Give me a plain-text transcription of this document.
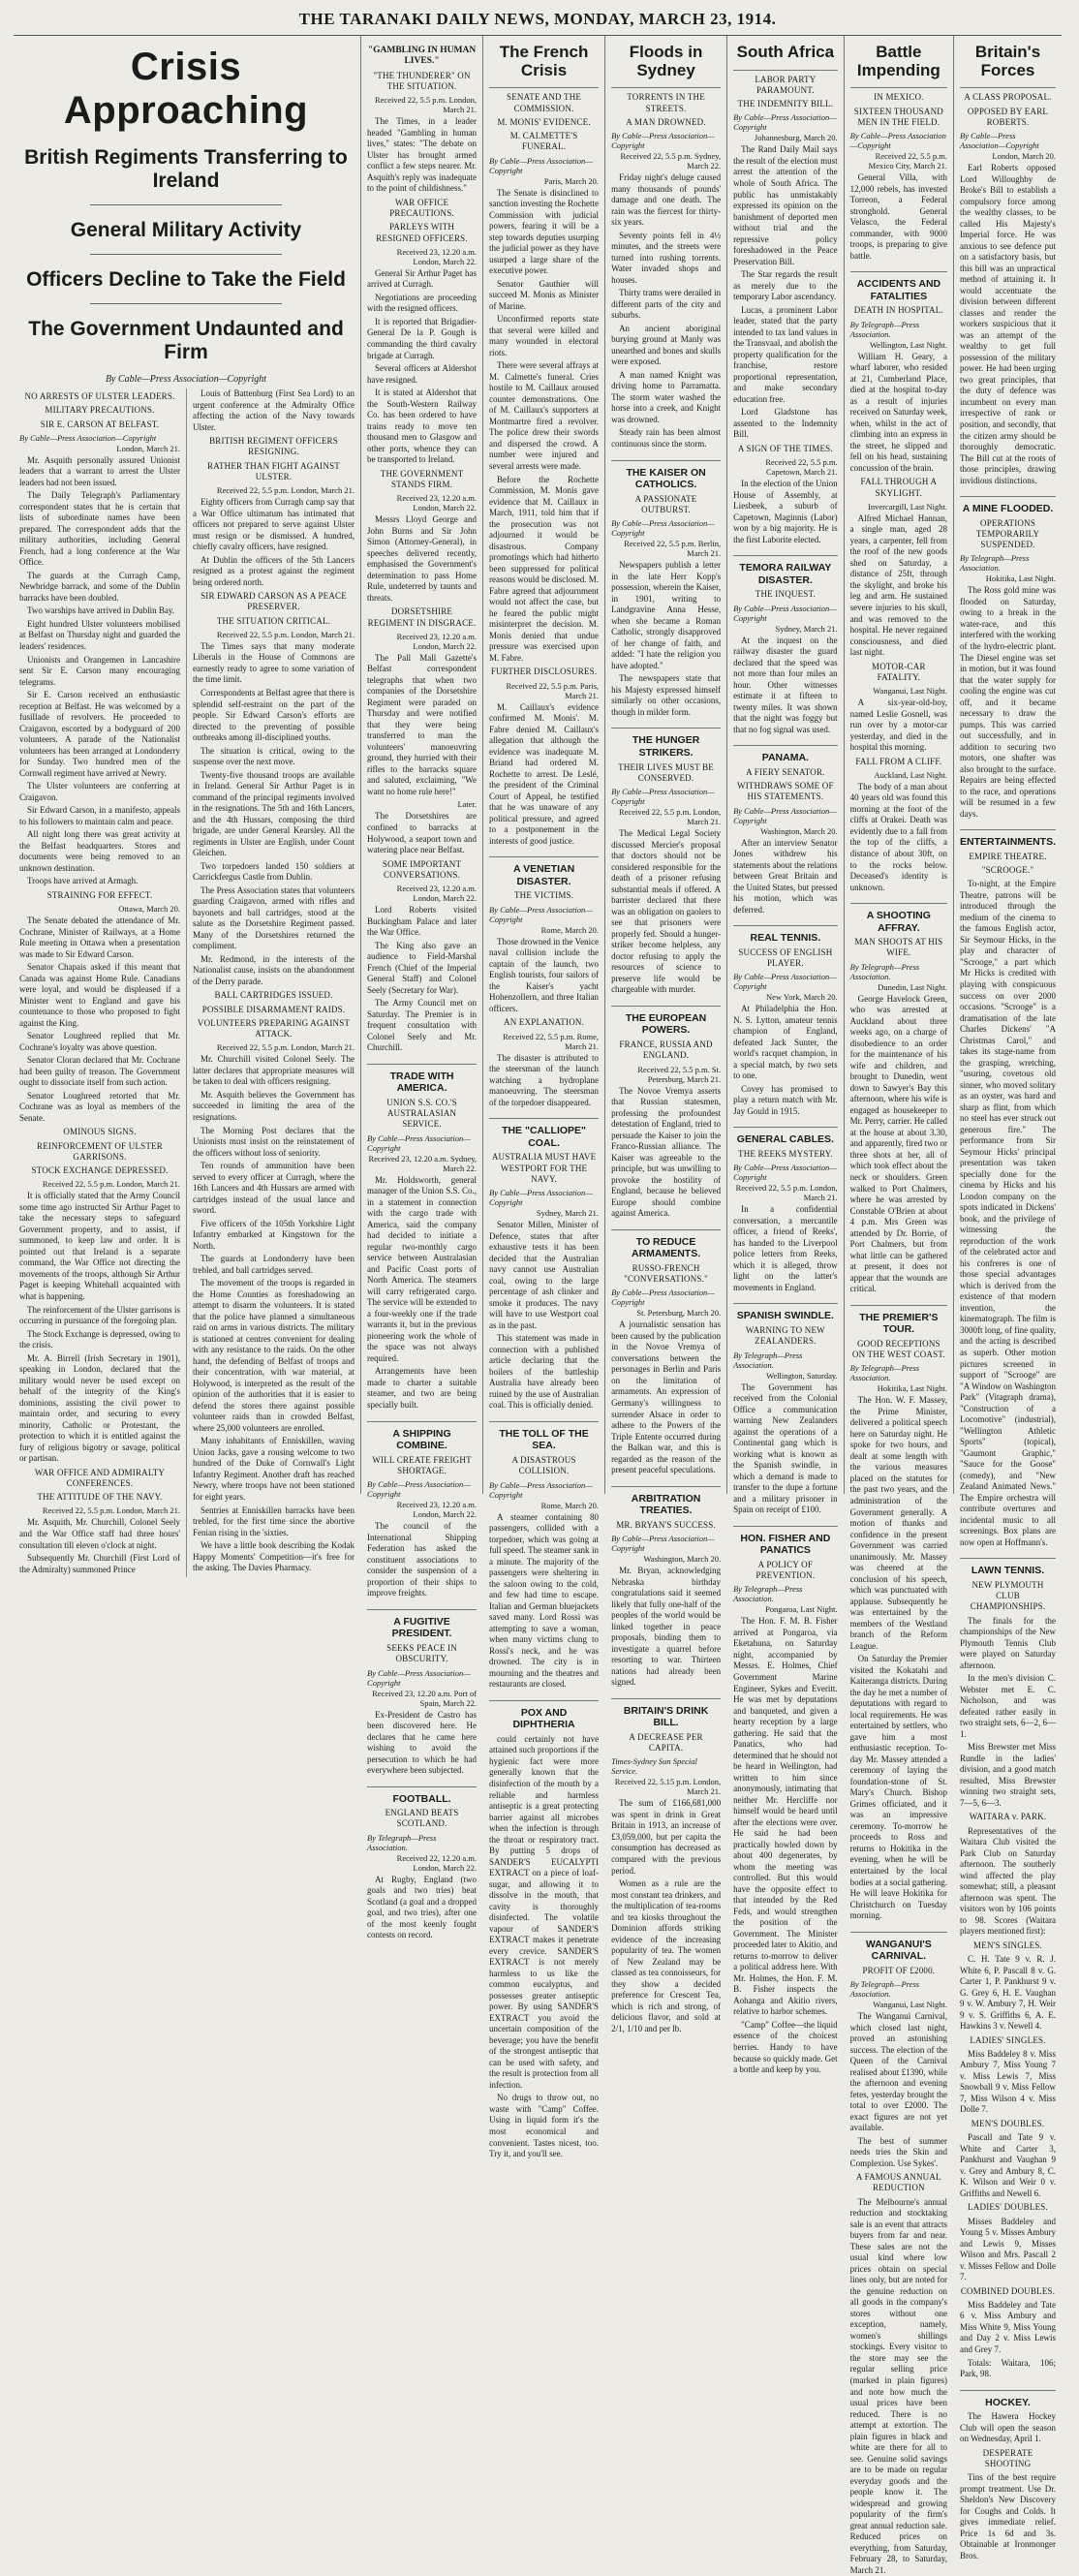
THE TARANAKI DAILY NEWS, MONDAY, MARCH 23, 1914.
Crisis Approaching
British Regiments Transferring to Ireland
General Military Activity
Officers Decline to Take the Field
The Government Undaunted and Firm
By Cable—Press Association—Copyright
NO ARRESTS OF ULSTER LEADERS.
MILITARY PRECAUTIONS.
SIR E. CARSON AT BELFAST.
By Cable—Press Association—Copyright
London, March 21.
Mr. Asquith personally assured Unionist leaders that a warrant to arrest the Ulster leaders had not been issued.
The Daily Telegraph's Parliamentary correspondent states that he is certain that lists of subordinate names have been prepared. The correspondent adds that the military authorities, including General French, had a long conference at the War Office.
The guards at the Curragh Camp, Newbridge barrack, and some of the Dublin barracks have been doubled.
Two warships have arrived in Dublin Bay.
Eight hundred Ulster volunteers mobilised at Belfast on Thursday night and guarded the leaders' residences.
Unionists and Orangemen in Lancashire sent Sir E. Carson many encouraging telegrams.
Sir E. Carson received an enthusiastic reception at Belfast. He was welcomed by a fusillade of revolvers. He proceeded to Craigavon, escorted by a bodyguard of 200 volunteers. A parade of the Nationalist volunteers has been arranged at Londonderry for Sunday. Two hundred men of the Cornwall regiment have arrived at Newry.
The Ulster volunteers are conferring at Craigavon.
Sir Edward Carson, in a manifesto, appeals to his followers to maintain calm and peace.
All night long there was great activity at the Belfast headquarters. Stores and documents were being removed to an unknown destination.
Troops have arrived at Armagh.
STRAINING FOR EFFECT.
Ottawa, March 20.
The Senate debated the attendance of Mr. Cochrane, Minister of Railways, at a Home Rule meeting in Ottawa when a presentation was made to Sir Edward Carson.
Senator Chapais asked if this meant that Canada was against Home Rule. Canadians were loyal, and would be displeased if a Minister went to England and gave his countenance to those who proposed to fight against the King.
Senator Loughreed replied that Mr. Cochrane's loyalty was above question.
Senator Cloran declared that Mr. Cochrane had been guilty of treason. The Government ought to dissociate itself from such action.
Senator Loughreed retorted that Mr. Cochrane was as loyal as members of the Senate.
OMINOUS SIGNS.
REINFORCEMENT OF ULSTER GARRISONS.
STOCK EXCHANGE DEPRESSED.
Received 22, 5.5 p.m. London, March 21.
It is officially stated that the Army Council some time ago instructed Sir Arthur Paget to take the necessary steps to safeguard Government property, and to assist, if summoned, to keep law and order. It is pointed out that Ireland is a separate command, the War Office not directing the movements of the troops, although Sir Arthur Paget is keeping Whitehall acquainted with what is happening.
The reinforcement of the Ulster garrisons is occurring in pursuance of the foregoing plan.
The Stock Exchange is depressed, owing to the crisis.
Mr. A. Birrell (Irish Secretary in 1901), speaking in London, declared that the military would never be used except on behalf of the integrity of the King's dominions, assisting the civil power to maintain order, and securing to every minority, Catholic or Protestant, the protection to which it is entitled against the fury of religious bigotry or savage, political or partisan.
WAR OFFICE AND ADMIRALTY CONFERENCES.
THE ATTITUDE OF THE NAVY.
Received 22, 5.5 p.m. London, March 21.
Mr. Asquith, Mr. Churchill, Colonel Seely and the War Office staff had three hours' consultation till eleven o'clock at night.
Subsequently Mr. Churchill (First Lord of the Admiralty) summoned Prince
Louis of Battenburg (First Sea Lord) to an urgent conference at the Admiralty Office affecting the action of the Navy towards Ulster.
BRITISH REGIMENT OFFICERS RESIGNING.
RATHER THAN FIGHT AGAINST ULSTER.
Received 22, 5.5 p.m. London, March 21.
Eighty officers from Curragh camp say that a War Office ultimatum has intimated that officers not prepared to serve against Ulster must resign or be dismissed. A hundred, chiefly cavalry officers, have resigned.
At Dublin the officers of the 5th Lancers resigned as a protest against the regiment being ordered north.
SIR EDWARD CARSON AS A PEACE PRESERVER.
THE SITUATION CRITICAL.
Received 22, 5.5 p.m. London, March 21.
The Times says that many moderate Liberals in the House of Commons are earnestly ready to agree to some variation of the time limit.
Correspondents at Belfast agree that there is splendid self-restraint on the part of the people. Sir Edward Carson's efforts are directed to the preventing of possible outbreaks among ill-disciplined youths.
The situation is critical, owing to the suspense over the next move.
Twenty-five thousand troops are available in Ireland. General Sir Arthur Paget is in command of the principal regiments involved in the resignations. The 5th and 16th Lancers, and the 4th Hussars, composing the third brigade, are under General Kearsley. All the regiments in Ulster are English, under Count Gleichen.
Two torpedoers landed 150 soldiers at Carrickfergus Castle from Dublin.
The Press Association states that volunteers guarding Craigavon, armed with rifles and bayonets and ball cartridges, stood at the salute as the Dorsetshire Regiment passed. Many of the Dorsetshires returned the compliment.
Mr. Redmond, in the interests of the Nationalist cause, insists on the abandonment of the Derry parade.
BALL CARTRIDGES ISSUED.
POSSIBLE DISARMAMENT RAIDS.
VOLUNTEERS PREPARING AGAINST ATTACK.
Received 22, 5.5 p.m. London, March 21.
Mr. Churchill visited Colonel Seely. The latter declares that appropriate measures will be taken to deal with officers resigning.
Mr. Asquith believes the Government has succeeded in limiting the area of the resignations.
The Morning Post declares that the Unionists must insist on the reinstatement of the officers without loss of seniority.
Ten rounds of ammunition have been served to every officer at Curragh, where the 16th Lancers and 4th Hussars are armed with cartridges instead of the usual lance and sword.
Five officers of the 105th Yorkshire Light Infantry embarked at Kingstown for the North.
The guards at Londonderry have been trebled, and ball cartridges served.
The movement of the troops is regarded in the Home Counties as foreshadowing an attempt to disarm the volunteers. It is stated that the police have planned a simultaneous raid on arms in various districts. The military is stationed at centres convenient for dealing with any resistance to the raids. On the other hand, the defending of Belfast of troops and their concentration, with war material, at Holywood, is interpreted as the result of the opinion of the authorities that it is easier to defend the stores there against possible volunteer raids than in crowded Belfast, where 25,000 volunteers are enrolled.
Many inhabitants of Enniskillen, waving Union Jacks, gave a rousing welcome to two hundred of the Duke of Cornwall's Light Infantry Regiment. Another draft has reached Newry, where troops have not been stationed for eight years.
Sentries at Enniskillen barracks have been trebled, for the first time since the abortive Fenian rising in the 'sixties.
We have a little book describing the Kodak Happy Moments' Competition—it's free for the asking. The Davies Pharmacy.
"GAMBLING IN HUMAN LIVES."
"THE THUNDERER" ON THE SITUATION.
Received 22, 5.5 p.m. London, March 21.
The Times, in a leader headed "Gambling in human lives," states: "The debate on Ulster has brought armed conflict a few steps nearer. Mr. Asquith's reply was inadequate to the point of childishness."
WAR OFFICE PRECAUTIONS.
PARLEYS WITH RESIGNED OFFICERS.
Received 23, 12.20 a.m. London, March 22.
General Sir Arthur Paget has arrived at Curragh.
Negotiations are proceeding with the resigned officers.
It is reported that Brigadier-General De la P. Gough is commanding the third cavalry brigade at Curragh.
Several officers at Aldershot have resigned.
It is stated at Aldershot that the South-Western Railway Co. has been ordered to have trains ready to move ten thousand men to Glasgow and other ports, whence they can be transported to Ireland.
THE GOVERNMENT STANDS FIRM.
Received 23, 12.20 a.m. London, March 22.
Messrs Lloyd George and John Burns and Sir John Simon (Attorney-General), in speeches delivered recently, emphasised the Government's determination to pass Home Rule, undeterred by taunts and threats.
DORSETSHIRE REGIMENT IN DISGRACE.
Received 23, 12.20 a.m. London, March 22.
The Pall Mall Gazette's Belfast correspondent telegraphs that when two companies of the Dorsetshire Regiment were paraded on Thursday and were notified that they were being transferred to man the volunteers' manoeuvring ground, they hurried with their rifles to the barracks square and saluted, exclaiming, "We want no home rule here!"
Later.
The Dorsetshires are confined to barracks at Holywood, a seaport town and watering place near Belfast.
SOME IMPORTANT CONVERSATIONS.
Received 23, 12.20 a.m. London, March 22.
Lord Roberts visited Buckingham Palace and later the War Office.
The King also gave an audience to Field-Marshal French (Chief of the Imperial General Staff) and Colonel Seely (Secretary for War).
The Army Council met on Saturday. The Premier is in frequent consultation with Colonel Seely and Mr. Churchill.
TRADE WITH AMERICA.
UNION S.S. CO.'S AUSTRALASIAN SERVICE.
By Cable—Press Association—Copyright
Received 23, 12.20 a.m. Sydney, March 22.
Mr. Holdsworth, general manager of the Union S.S. Co., in a statement in connection with the cargo trade with America, said the company had decided to initiate a regular two-monthly cargo service between Australasian and Pacific Coast ports of North America. The steamers will carry refrigerated cargo. The service will be extended to a four-weekly one if the trade warrants it, but in the previous pioneering work the whole of the space was not always required.
Arrangements have been made to charter a suitable steamer, and two are being specially built.
A SHIPPING COMBINE.
WILL CREATE FREIGHT SHORTAGE.
By Cable—Press Association—Copyright
Received 23, 12.20 a.m. London, March 22.
The council of the International Shipping Federation has asked the constituent associations to consider the suspension of a proportion of their ships to improve freights.
A FUGITIVE PRESIDENT.
SEEKS PEACE IN OBSCURITY.
By Cable—Press Association—Copyright
Received 23, 12.20 a.m. Port of Spain, March 22.
Ex-President de Castro has been discovered here. He declares that he came here wishing to avoid the persecution to which he had everywhere been subjected.
FOOTBALL.
ENGLAND BEATS SCOTLAND.
By Telegraph—Press Association.
Received 22, 12.20 a.m. London, March 22.
At Rugby, England (two goals and two tries) beat Scotland (a goal and a dropped goal, and two tries), after one of the most keenly fought contests on record.
The French Crisis
SENATE AND THE COMMISSION.
M. MONIS' EVIDENCE.
M. CALMETTE'S FUNERAL.
By Cable—Press Association—Copyright
Paris, March 20.
The Senate is disinclined to sanction investing the Rochette Commission with judicial powers, fearing it will be a step towards deputies usurping the judicial power as they have usurped a large share of the executive power.
Senator Gauthier will succeed M. Monis as Minister of Marine.
Unconfirmed reports state that several were killed and many wounded in electoral riots.
There were several affrays at M. Calmette's funeral. Cries hostile to M. Caillaux aroused counter demonstrations. One of M. Caillaux's supporters at Montmartre fired a revolver. The police drew their swords and dispersed the crowd. A number were injured and several arrests were made.
Before the Rochette Commission, M. Monis gave evidence that M. Caillaux in March, 1911, told him that if the prosecution was not adjourned it would be disastrous. Company promotings which had hitherto been suppressed for political reasons would be disclosed. M. Fabre agreed that adjournment would not affect the case, but he feared the public might misinterpret the decision. M. Monis denied that undue pressure was exercised upon M. Fabre.
FURTHER DISCLOSURES.
Received 22, 5.5 p.m. Paris, March 21.
M. Caillaux's evidence confirmed M. Monis'. M. Fabre denied M. Caillaux's allegation that although the evidence was inadequate M. Briand had ordered M. Rochette to arrest. De Leslé, the president of the Criminal Court of Appeal, he testified that he was unaware of any political pressure, and agreed to a postponement in the interests of good justice.
A VENETIAN DISASTER.
THE VICTIMS.
By Cable—Press Association—Copyright
Rome, March 20.
Those drowned in the Venice naval collision include the captain of the launch, two English tourists, four sailors of the Kaiser's yacht Hohenzollern, and three Italian officers.
AN EXPLANATION.
Received 22, 5.5 p.m. Rome, March 21.
The disaster is attributed to the steersman of the launch watching a hydroplane manoeuvring. The steersman of the torpedoer disappeared.
THE "CALLIOPE" COAL.
AUSTRALIA MUST HAVE WESTPORT FOR THE NAVY.
By Cable—Press Association—Copyright
Sydney, March 21.
Senator Millen, Minister of Defence, states that after exhaustive tests it has been decided that the Australian navy cannot use Australian coal, owing to the large percentage of ash clinker and smoke it produces. The navy will have to use Westport coal as in the past.
This statement was made in connection with a published article declaring that the boilers of the battleship Australia have already been ruined by the use of Australian coal. This is officially denied.
THE TOLL OF THE SEA.
A DISASTROUS COLLISION.
By Cable—Press Association—Copyright
Rome, March 20.
A steamer containing 80 passengers, collided with a torpedoer, which was going at full speed. The steamer sank in a minute. The majority of the passengers were sheltering in the saloon owing to the cold, and few had time to escape. Italian and German bluejackets saved many. Lord Rossi was attempting to save a woman, when many victims clung to Rossi's neck, and he was drowned. The city is in mourning and the theatres and restaurants are closed.
POX AND DIPHTHERIA
could certainly not have attained such proportions if the hygienic fact were more generally known that the disinfection of the mouth by a reliable and harmless antiseptic is a great protecting barrier against all microbes when the infection is through the throat or respiratory tract. By putting 5 drops of SANDER'S EUCALYPTI EXTRACT on a piece of loaf-sugar, and allowing it to dissolve in the mouth, that cavity is thoroughly disinfected. The volatile vapour of SANDER'S EXTRACT makes it penetrate every crevice. SANDER'S EXTRACT is not merely harmless to us like the common eucalyptus, and possesses greater antiseptic power. By using SANDER'S EXTRACT you avoid the uncertain composition of the beverage; you have the benefit of the strongest antiseptic that can be used with safety, and the result is protection from all infection.
No drugs to throw out, no waste with "Camp" Coffee. Using in liquid form it's the most economical and convenient. Tastes nicest, too. Try it, and you'll see.
Floods in Sydney
TORRENTS IN THE STREETS.
A MAN DROWNED.
By Cable—Press Association—Copyright
Received 22, 5.5 p.m. Sydney, March 22.
Friday night's deluge caused many thousands of pounds' damage and one death. The rain was the fiercest for thirty-six years.
Seventy points fell in 4½ minutes, and the streets were turned into rushing torrents. Water invaded shops and houses.
Thirty trams were derailed in different parts of the city and suburbs.
An ancient aboriginal burying ground at Manly was unearthed and bones and skulls were exposed.
A man named Knight was driving home to Parramatta. The storm water washed the horse into a creek, and Knight was drowned.
Steady rain has been almost continuous since the storm.
THE KAISER ON CATHOLICS.
A PASSIONATE OUTBURST.
By Cable—Press Association—Copyright
Received 22, 5.5 p.m. Berlin, March 21.
Newspapers publish a letter in the late Herr Kopp's possession, wherein the Kaiser, in 1901, writing to Landgravine Anna Hesse, when she became a Roman Catholic, strongly disapproved of her change of faith, and added: "I hate the religion you have adopted."
The newspapers state that his Majesty expressed himself similarly on other occasions, though in milder form.
THE HUNGER STRIKERS.
THEIR LIVES MUST BE CONSERVED.
By Cable—Press Association—Copyright
Received 22, 5.5 p.m. London, March 21.
The Medical Legal Society discussed Mercier's proposal that doctors should not be considered responsible for the death of a prisoner refusing substantial meals if offered. A barrister declared that there was an obligation on gaolers to see that prisoners were properly fed. Should a hunger-striker become helpless, any doctor refusing to apply the resources of science to preserve life would be chargeable with murder.
THE EUROPEAN POWERS.
FRANCE, RUSSIA AND ENGLAND.
Received 22, 5.5 p.m. St. Petersburg, March 21.
The Novoe Vremya asserts that Russian statesmen, professing the profoundest detestation of England, tried to persuade the Kaiser to join the Franco-Russian alliance. The Kaiser was agreeable to the principle, but was unwilling to provoke the hostility of England, because he believed Europe should combine against America.
TO REDUCE ARMAMENTS.
RUSSO-FRENCH "CONVERSATIONS."
By Cable—Press Association—Copyright
St. Petersburg, March 20.
A journalistic sensation has been caused by the publication in the Novoe Vremya of conversations between the personages in Berlin and Paris on the limitation of armaments. An expression of Germany's willingness to surrender Alsace in order to adhere to the Powers of the Triple Entente occurred during the Balkan war, and this is regarded as the reason of the present peaceful speculations.
ARBITRATION TREATIES.
MR. BRYAN'S SUCCESS.
By Cable—Press Association—Copyright
Washington, March 20.
Mr. Bryan, acknowledging Nebraska birthday congratulations said it seemed likely that fully one-half of the peoples of the world would be linked together in peace proposals, binding them to investigate a quarrel before resorting to war. Thirteen nations had already been signed.
BRITAIN'S DRINK BILL.
A DECREASE PER CAPITA.
Times-Sydney Sun Special Service.
Received 22, 5.15 p.m. London, March 21.
The sum of £166,681,000 was spent in drink in Great Britain in 1913, an increase of £3,059,000, but per capita the consumption has decreased as compared with the previous period.
Women as a rule are the most constant tea drinkers, and the multiplication of tea-rooms and tea kiosks throughout the Dominion affords striking evidence of the increasing popularity of tea. The women of New Zealand may be classed as tea connoisseurs, for they show a decided preference for Crescent Tea, which is rich and strong, of delicious flavor, and sold at 2/1, 1/10 and per lb.
South Africa
LABOR PARTY PARAMOUNT.
THE INDEMNITY BILL.
By Cable—Press Association—Copyright
Johannesburg, March 20.
The Rand Daily Mail says the result of the election must arrest the attention of the whole of South Africa. The public has unmistakably expressed its opinion on the banishment of deported men without trial and the repressive policy foreshadowed in the Peace Preservation Bill.
The Star regards the result as merely due to the temporary Labor ascendancy.
Lucas, a prominent Labor leader, stated that the party intended to tax land values in the Transvaal, and abolish the property qualification for the franchise, restore proportional representation, and make secondary education free.
Lord Gladstone has assented to the Indemnity Bill.
A SIGN OF THE TIMES.
Received 22, 5.5 p.m. Capetown, March 21.
In the election of the Union House of Assembly, at Liesbeek, a suburb of Capetown, Maginnis (Labor) won by a big majority. He is the first Laborite elected.
TEMORA RAILWAY DISASTER.
THE INQUEST.
By Cable—Press Association—Copyright
Sydney, March 21.
At the inquest on the railway disaster the guard declared that the speed was not more than four miles an hour. Other witnesses estimate it at fifteen to twenty miles. It was shown that the night was foggy but that no fog signal was used.
PANAMA.
A FIERY SENATOR.
WITHDRAWS SOME OF HIS STATEMENTS.
By Cable—Press Association—Copyright
Washington, March 20.
After an interview Senator Jones withdrew his statements about the relations between Great Britain and the United States, but pressed his motion, which was deferred.
REAL TENNIS.
SUCCESS OF ENGLISH PLAYER.
By Cable—Press Association—Copyright
New York, March 20.
At Philadelphia the Hon. N. S. Lytton, amateur tennis champion of England, defeated Jack Sunter, the world's racquet champion, in a special match, by two sets to one.
Covey has promised to play a return match with Mr. Jay Gould in 1915.
GENERAL CABLES.
THE REEKS MYSTERY.
By Cable—Press Association—Copyright
Received 22, 5.5 p.m. London, March 21.
In a confidential conversation, a mercantile officer, a friend of Reeks', has handed to the Liverpool police letters from Reeks, which it is alleged, throw light on the latter's movements in England.
SPANISH SWINDLE.
WARNING TO NEW ZEALANDERS.
By Telegraph—Press Association.
Wellington, Saturday.
The Government has received from the Colonial Office a communication warning New Zealanders against the operations of a Continental gang which is working what is known as the Spanish swindle, in which a demand is made to transfer to the dupe a fortune and a military prisoner in Spain on receipt of £100.
HON. FISHER AND PANATICS
A POLICY OF PREVENTION.
By Telegraph—Press Association.
Pongaroa, Last Night.
The Hon. F. M. B. Fisher arrived at Pongaroa, via Eketahuna, on Saturday night, accompanied by Messrs. E. Holmes, Chief Government Marine Engineer, Sykes and Everitt. He was met by deputations and banqueted, and given a hearty reception by a large gathering. He said that the Panatics, who had determined that he should not be heard in Wellington, had written to him since anonymously, intimating that neither Mr. Hercliffe nor himself would be heard until after the elections were over. He said he had been practically howled down by about 400 degenerates, by whom the meeting was controlled. But this would have the opposite effect to that intended by the Red Feds, and would strengthen the position of the Government. The Minister proceeded later to Akitio, and returns to-morrow to deliver a political address here. With Mr. Holmes, the Hon. F. M. B. Fisher inspects the Aohanga and Akitio rivers, relative to harbor schemes.
"Camp" Coffee—the liquid essence of the choicest berries. Handy to have because so quickly made. Get a bottle and keep by you.
Battle Impending
IN MEXICO.
SIXTEEN THOUSAND MEN IN THE FIELD.
By Cable—Press Association—Copyright
Received 22, 5.5 p.m. Mexico City, March 21.
General Villa, with 12,000 rebels, has invested Torreon, a Federal stronghold. General Velasco, the Federal commander, with 9000 troops, is preparing to give battle.
ACCIDENTS AND FATALITIES
DEATH IN HOSPITAL.
By Telegraph—Press Association.
Wellington, Last Night.
William H. Geary, a wharf laborer, who resided at 21, Cumberland Place, died at the hospital to-day as a result of injuries received on Saturday week, when, whilst in the act of climbing into an express in the street, he slipped and fell on his head, sustaining concussion of the brain.
FALL THROUGH A SKYLIGHT.
Invercargill, Last Night.
Alfred Michael Hannan, a single man, aged 28 years, a carpenter, fell from the roof of the new goods shed on Saturday, a distance of 25ft, through the skylight, and broke his leg and arm. He sustained severe injuries to his skull, and was removed to the hospital. He never regained consciousness, and died last night.
MOTOR-CAR FATALITY.
Wanganui, Last Night.
A six-year-old-boy, named Leslie Gosnell, was run over by a motor-car yesterday, and died in the hospital this morning.
FALL FROM A CLIFF.
Auckland, Last Night.
The body of a man about 40 years old was found this morning at the foot of the cliffs at Orakei. Death was evidently due to a fall from the top of the cliffs, a distance of about 30ft, on to the rocks below. Deceased's identity is unknown.
A SHOOTING AFFRAY.
MAN SHOOTS AT HIS WIFE.
By Telegraph—Press Association.
Dunedin, Last Night.
George Havelock Green, who was arrested at Auckland about three weeks ago, on a charge of disobedience to an order for the maintenance of his wife and children, and brought to Dunedin, went down to Sawyer's Bay this afternoon, where his wife is engaged as housekeeper to Mr. Perry, carrier. He called at the house at about 3.30, and apparently, fired two or three shots at her, all of which took effect about the neck or shoulders. Green walked to Port Chalmers, where he was arrested by Constable O'Brien at about 4 p.m. Mrs Green was attended by Dr. Borrie, of Port Chalmers, but from what little can be gathered at present, it does not appear that the wounds are critical.
THE PREMIER'S TOUR.
GOOD RECEPTIONS ON THE WEST COAST.
By Telegraph—Press Association.
Hokitika, Last Night.
The Hon. W. F. Massey, the Prime Minister, delivered a political speech here on Saturday night. He spoke for two hours, and dealt at some length with the various measures placed on the statutes for the past two years, and the administration of the Government generally. A motion of thanks and confidence in the present Government was carried unanimously. Mr. Massey was cheered at the conclusion of his speech, which was punctuated with applause. Subsequently he was entertained by the members of the Westland branch of the Reform League.
On Saturday the Premier visited the Kokatahi and Kaiteranga districts. During the day he met a number of deputations with regard to local requirements. He was entertained by settlers, who gave him a most enthusiastic reception. To-day Mr. Massey attended a ceremony of laying the foundation-stone of St. Mary's Church. Bishop Grimes officiated, and it was an impressive ceremony. To-morrow he proceeds to Ross and returns to Hokitika in the evening, when he will be entertained by the local bodies at a social gathering. He will leave Hokitika for Christchurch on Tuesday morning.
WANGANUI'S CARNIVAL.
PROFIT OF £2000.
By Telegraph—Press Association.
Wanganui, Last Night.
The Wanganui Carnival, which closed last night, proved an astonishing success. The election of the Queen of the Carnival realised about £1390, while the afternoon and evening fetes, yesterday brought the total to over £2000. The exact figures are not yet available.
The best of summer needs tries the Skin and Complexion. Use Sykes'.
A FAMOUS ANNUAL REDUCTION
The Melbourne's annual reduction and stocktaking sale is an event that attracts buyers from far and near. These sales are not the usual kind where low prices obtain on special lines only, but are noted for the genuine reduction on all goods in the company's stores without one exception, namely, women's shillings stockings. Every visitor to the store may see the regular selling price (marked in plain figures) and note how much the usual prices have been reduced. There is no attempt at extortion. The plain figures in black and white are there for all to see. Genuine solid savings are to be made on regular everyday goods and the people know it. The widespread and growing popularity of the firm's great annual reduction sale. Reduced prices on everything, from Saturday, February 28, to Saturday, March 21.
Britain's Forces
A CLASS PROPOSAL.
OPPOSED BY EARL ROBERTS.
By Cable—Press Association—Copyright
London, March 20.
Earl Roberts opposed Lord Willoughby de Broke's Bill to establish a compulsory force among the wealthy classes, to be called His Majesty's Imperial force. He was anxious to see defence put on a satisfactory basis, but this bill was an unpractical method of attaining it. It would accentuate the division between different classes and render the workers suspicious that it was an attempt of the wealthy to get full possession of the military power. He had been urging two great principles, that the duty of defence was incumbent on every man irrespective of rank or position, and secondly, that the citizen army should be thoroughly democratic. The Bill cut at the roots of those principles, drawing invidious distinctions.
A MINE FLOODED.
OPERATIONS TEMPORARILY SUSPENDED.
By Telegraph—Press Association.
Hokitika, Last Night.
The Ross gold mine was flooded on Saturday, owing to a break in the water-race, and this interfered with the working of the hydro-electric plant. The Diesel engine was set in motion, but it was found that the water supply for cooling the engine was cut off, and it became necessary to draw the pumps. This was carried out successfully, and in addition to securing two motors, one shafter was also brought to the surface. Repairs are being effected to the race, and operations will be resumed in a few days.
ENTERTAINMENTS.
EMPIRE THEATRE.
"SCROOGE."
To-night, at the Empire Theatre, patrons will be introduced through the medium of the cinema to the famous English actor, Sir Seymour Hicks, in the play and character of "Scrooge," a part which Mr Hicks is credited with playing with conspicuous success on over 2000 occasions. "Scrooge" is a dramatisation of the late Charles Dickens' "A Christmas Carol," and takes its stage-name from the grasping, wretching, "usuring, covetous old sinner, who moved solitary as an oyster, was hard and sharp as flint, from which no steel has ever struck out generous fire." The performance from Sir Seymour Hicks' principal presentation was taken specially done for the cinema by Hicks and his London company on the spots indicated in Dickens' book, and the privilege of witnessing the reproduction of the work of the celebrated actor and his confreres is one of those special advantages which is derived from the existence of that modern invention, the kinematograph. The film is 3000ft long, of fine quality, and the acting is described as superb. Other motion pictures screened in support of "Scrooge" are "A Window on Washington Park" (Vitagraph drama), "Construction of a Locomotive" (industrial), "Wellington Athletic Sports" (topical), "Gaumont Graphic," "Sauce for the Goose" (comedy), and "New Zealand Animated News." The Empire orchestra will contribute overtures and incidental music to all screenings. Box plans are now open at Hoffmann's.
LAWN TENNIS.
NEW PLYMOUTH CLUB CHAMPIONSHIPS.
The finals for the championships of the New Plymouth Tennis Club were played on Saturday afternoon.
In the men's division C. Webster met E. C. Nicholson, and was defeated rather easily in two straight sets, 6—2, 6—1.
Miss Brewster met Miss Rundle in the ladies' division, and a good match resulted, Miss Brewster winning two straight sets, 7—5, 6—3.
WAITARA v. PARK.
Representatives of the Waitara Club visited the Park Club on Saturday afternoon. The southerly wind affected the play somewhat; still, a pleasant afternoon was spent. The visitors won by 106 points to 98. Scores (Waitara players mentioned first):
MEN'S SINGLES.
C. H. Tate 9 v. R. J. White 6, P. Pascall 8 v. G. Carter 1, P. Pankhurst 9 v. G. Grey 6, H. E. Vaughan 9 v. W. Ambury 7, H. Weir 9 v. S. Griffiths 6, A. E. Hawkins 3 v. Newell 4.
LADIES' SINGLES.
Miss Baddeley 8 v. Miss Ambury 7, Miss Young 7 v. Miss Lewis 7, Miss Snowball 9 v. Miss Fellow 7, Miss Wilson 4 v. Miss Dolle 7.
MEN'S DOUBLES.
Pascall and Tate 9 v. White and Carter 3, Pankhurst and Vaughan 9 v. Grey and Ambury 8, C. K. Wilson and Weir 0 v. Griffiths and Newell 6.
LADIES' DOUBLES.
Misses Baddeley and Young 5 v. Misses Ambury and Lewis 9, Misses Wilson and Mrs. Pascall 2 v. Misses Fellow and Dolle 7.
COMBINED DOUBLES.
Miss Baddeley and Tate 6 v. Miss Ambury and Miss White 9, Miss Young and Day 2 v. Miss Lewis and Grey 7.
Totals: Waitara, 106; Park, 98.
HOCKEY.
The Hawera Hockey Club will open the season on Wednesday, April 1.
DESPERATE SHOOTING
Tins of the best require prompt treatment. Use Dr. Sheldon's New Discovery for Coughs and Colds. It gives immediate relief. Price 1s 6d and 3s. Obtainable at Ironmonger Bros.
